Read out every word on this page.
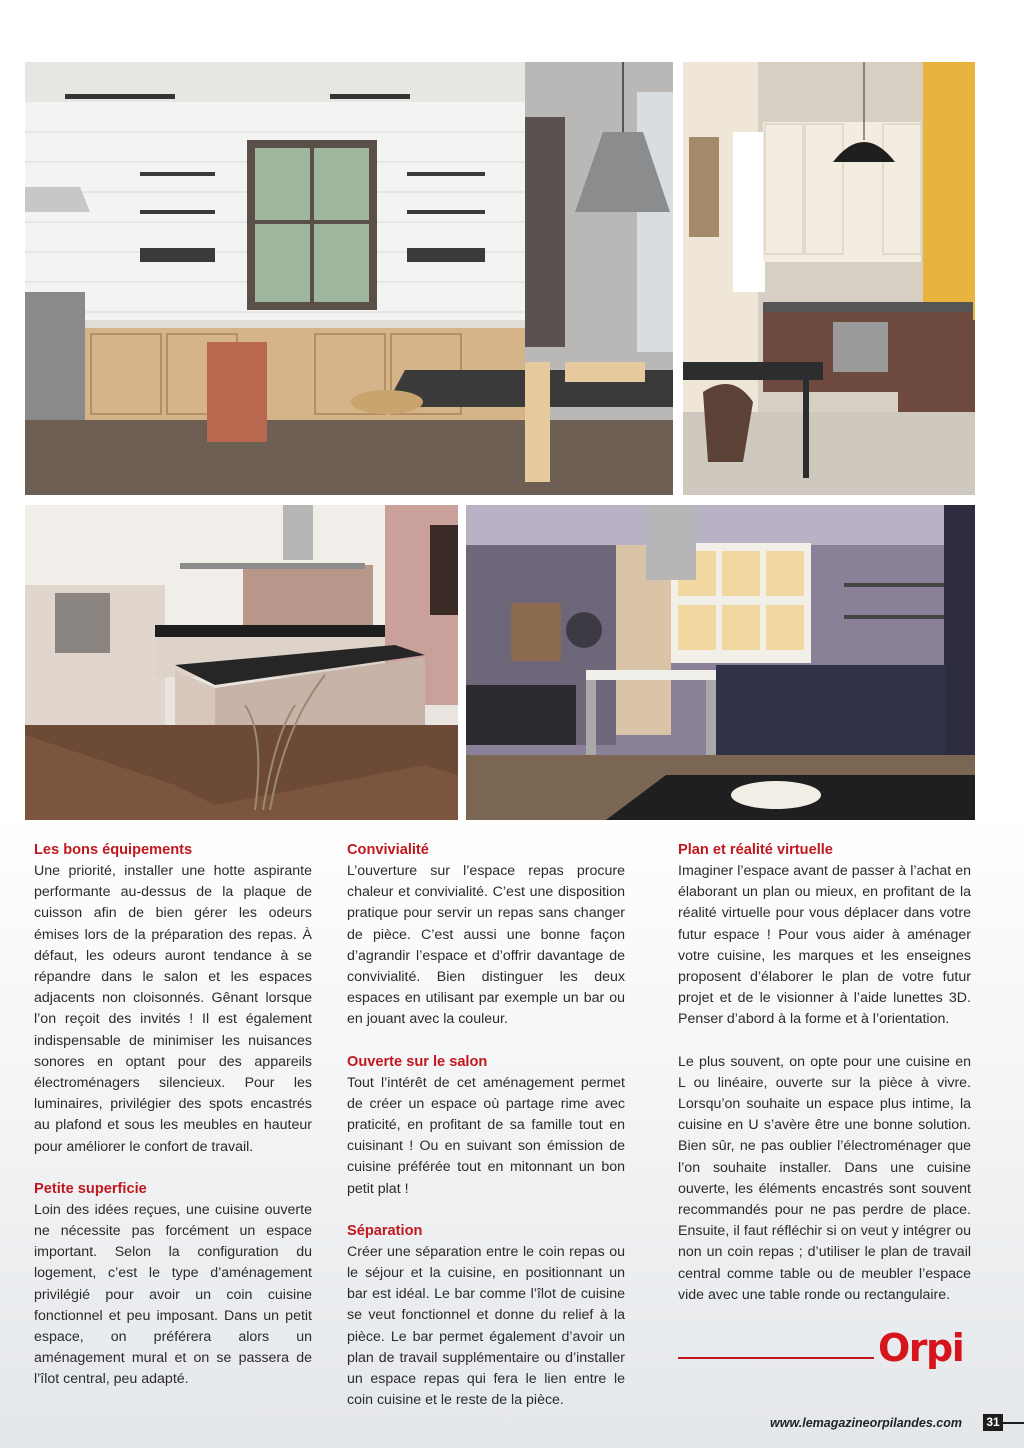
Les bons équipements

Une priorité, installer une hotte aspirante performante au-dessus de la plaque de cuisson afin de bien gérer les odeurs émises lors de la préparation des repas. À défaut, les odeurs auront tendance à se répandre dans le salon et les espaces adjacents non cloisonnés. Gênant lorsque l’on reçoit des invités ! Il est également indispensable de minimiser les nuisances sonores en optant pour des appareils électroménagers silencieux. Pour les luminaires, privilégier des spots encastrés au plafond et sous les meubles en hauteur pour améliorer le confort de travail.

Petite superficie

Loin des idées reçues, une cuisine ouverte ne nécessite pas forcément un espace important. Selon la configuration du logement, c’est le type d’aménagement privilégié pour avoir un coin cuisine fonctionnel et peu imposant. Dans un petit espace, on préférera alors un aménagement mural et on se passera de l’îlot central, peu adapté.

Convivialité

L’ouverture sur l’espace repas procure chaleur et convivialité. C’est une disposition pratique pour servir un repas sans changer de pièce. C’est aussi une bonne façon d’agrandir l’espace et d’offrir davantage de convivialité. Bien distinguer les deux espaces en utilisant par exemple un bar ou en jouant avec la couleur.

Ouverte sur le salon

Tout l’intérêt de cet aménagement permet de créer un espace où partage rime avec praticité, en profitant de sa famille tout en cuisinant ! Ou en suivant son émission de cuisine préférée tout en mitonnant un bon petit plat !

Séparation

Créer une séparation entre le coin repas ou le séjour et la cuisine, en positionnant un bar est idéal. Le bar comme l’îlot de cuisine se veut fonctionnel et donne du relief à la pièce. Le bar permet également d’avoir un plan de travail supplémentaire ou d’installer un espace repas qui fera le lien entre le coin cuisine et le reste de la pièce.

Plan et réalité virtuelle

Imaginer l’espace avant de passer à l’achat en élaborant un plan ou mieux, en profitant de la réalité virtuelle pour vous déplacer dans votre futur espace ! Pour vous aider à aménager votre cuisine, les marques et les enseignes proposent d’élaborer le plan de votre futur projet et de le visionner à l’aide lunettes 3D. Penser d’abord à la forme et à l’orientation.

Le plus souvent, on opte pour une cuisine en L ou linéaire, ouverte sur la pièce à vivre. Lorsqu’on souhaite un espace plus intime, la cuisine en U s’avère être une bonne solution. Bien sûr, ne pas oublier l’électroménager que l’on souhaite installer. Dans une cuisine ouverte, les éléments encastrés sont souvent recommandés pour ne pas perdre de place. Ensuite, il faut réfléchir si on veut y intégrer ou non un coin repas ; d’utiliser le plan de travail central comme table ou de meubler l’espace vide avec une table ronde ou rectangulaire.

Orpi
www.lemagazineorpilandes.com 31
